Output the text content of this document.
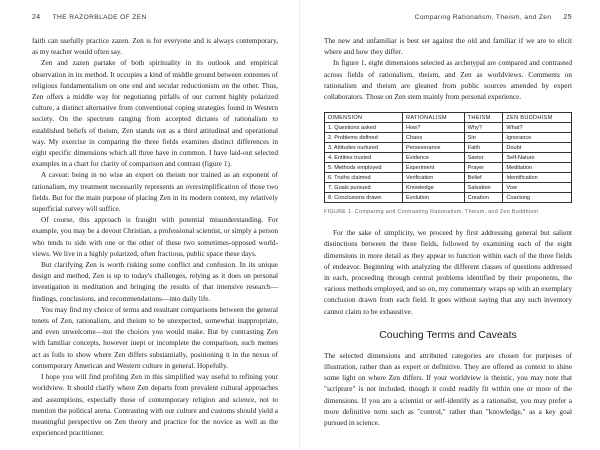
24 THE RAZORBLADE OF ZEN

faith can usefully practice zazen. Zen is for everyone and is always contemporary, as my teacher would often say.

Zen and zazen partake of both spirituality in its outlook and empirical observation in its method. It occupies a kind of middle ground between extremes of religious fundamentalism on one end and secular reductionism on the other. Thus, Zen offers a middle way for negotiating pitfalls of our current highly polarized culture, a distinct alternative from conventional coping strategies found in Western society. On the spectrum ranging from accepted dictates of rationalism to established beliefs of theism, Zen stands out as a third attitudinal and operational way. My exercise in comparing the three fields examines distinct differences in eight specific dimensions which all three have in common. I have laid-out selected examples in a chart for clarity of comparison and contrast (figure 1).

A caveat: being in no wise an expert on theism nor trained as an exponent of rationalism, my treatment necessarily represents an oversimplification of those two fields. But for the main purpose of placing Zen in its modern context, my relatively superficial survey will suffice.

Of course, this approach is fraught with potential misunderstanding. For example, you may be a devout Christian, a professional scientist, or simply a person who tends to side with one or the other of these two sometimes-opposed world-views. We live in a highly polarized, often fractious, public space these days.

But clarifying Zen is worth risking some conflict and confusion. In its unique design and method, Zen is up to today's challenges, relying as it does on personal investigation in meditation and bringing the results of that intensive research—findings, conclusions, and recommendations—into daily life.

You may find my choice of terms and resultant comparisons between the general tenets of Zen, rationalism, and theism to be unexpected, somewhat inappropriate, and even unwelcome—not the choices you would make. But by contrasting Zen with familiar concepts, however inept or incomplete the comparison, such memes act as foils to show where Zen differs substantially, positioning it in the nexus of contemporary American and Western culture in general. Hopefully.

I hope you will find profiling Zen in this simplified way useful to refining your worldview. It should clarify where Zen departs from prevalent cultural approaches and assumptions, especially those of contemporary religion and science, not to mention the political arena. Contrasting with our culture and customs should yield a meaningful perspective on Zen theory and practice for the novice as well as the experienced practitioner.

Comparing Rationalism, Theism, and Zen 25

The new and unfamiliar is best set against the old and familiar if we are to elicit where and how they differ.

In figure 1, eight dimensions selected as archetypal are compared and contrasted across fields of rationalism, theism, and Zen as worldviews. Comments on rationalism and theism are gleaned from public sources amended by expert collaborators. Those on Zen stem mainly from personal experience.

DIMENSION	RATIONALISM	THEISM	ZEN BUDDHISM
1. Questions asked	How?	Why?	What?
2. Problems defined	Chaos	Sin	Ignorance
3. Attitudes nurtured	Perseverance	Faith	Doubt
4. Entities trusted	Evidence	Savior	Self-Nature
5. Methods employed	Experiment	Prayer	Meditation
6. Truths claimed	Verification	Belief	Identification
7. Goals pursued	Knowledge	Salvation	Vow
8. Conclusions drawn	Evolution	Creation	Coarising
FIGURE 1. Comparing and Contrasting Rationalism, Theism, and Zen Buddhism

For the sake of simplicity, we proceed by first addressing general but salient distinctions between the three fields, followed by examining each of the eight dimensions in more detail as they appear to function within each of the three fields of endeavor. Beginning with analyzing the different classes of questions addressed in each, proceeding through central problems identified by their proponents, the various methods employed, and so on, my commentary wraps up with an exemplary conclusion drawn from each field. It goes without saying that any such inventory cannot claim to be exhaustive.

Couching Terms and Caveats

The selected dimensions and attributed categories are chosen for purposes of illustration, rather than as expert or definitive. They are offered as context to shine some light on where Zen differs. If your worldview is theistic, you may note that "scripture" is not included, though it could readily fit within one or more of the dimensions. If you are a scientist or self-identify as a rationalist, you may prefer a more definitive term such as "control," rather than "knowledge," as a key goal pursued in science.
